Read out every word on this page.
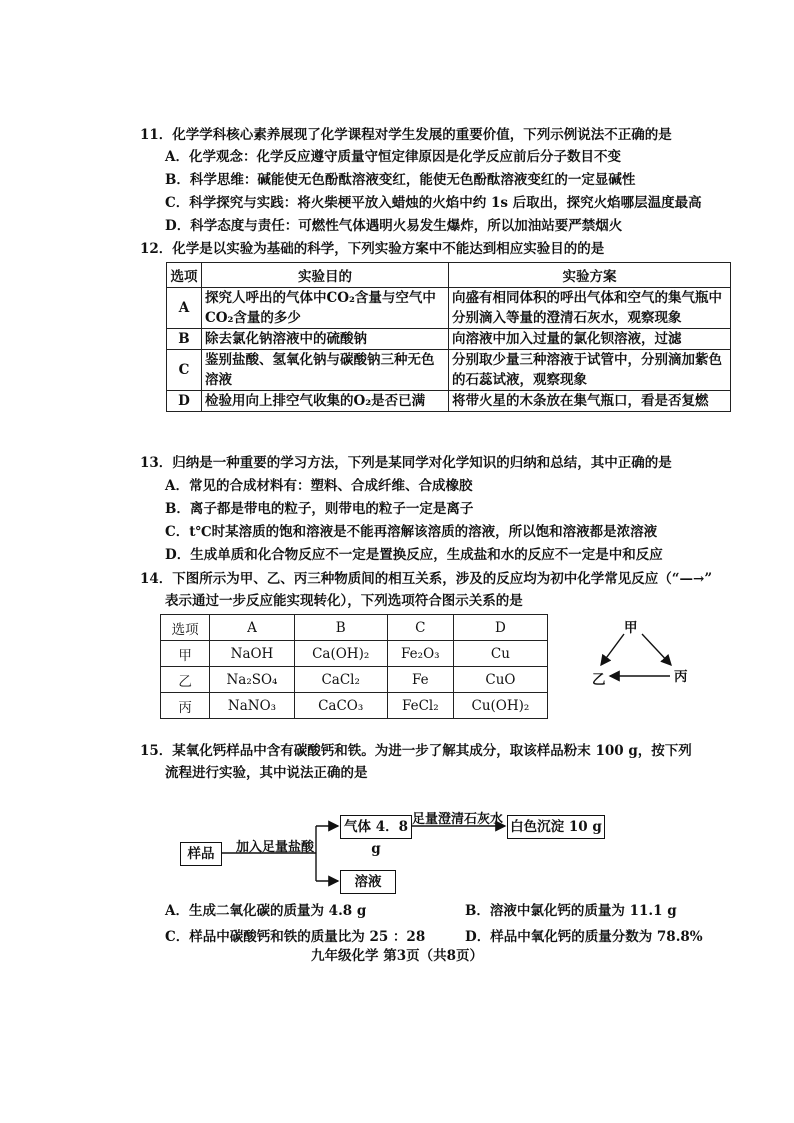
11．化学学科核心素养展现了化学课程对学生发展的重要价值，下列示例说法不正确的是
A．化学观念：化学反应遵守质量守恒定律原因是化学反应前后分子数目不变
B．科学思维：碱能使无色酚酞溶液变红，能使无色酚酞溶液变红的一定显碱性
C．科学探究与实践：将火柴梗平放入蜡烛的火焰中约 1s 后取出，探究火焰哪层温度最高
D．科学态度与责任：可燃性气体遇明火易发生爆炸，所以加油站要严禁烟火
12．化学是以实验为基础的科学，下列实验方案中不能达到相应实验目的的是
选项	实验目的	实验方案
A	探究人呼出的气体中CO₂含量与空气中CO₂含量的多少	向盛有相同体积的呼出气体和空气的集气瓶中分别滴入等量的澄清石灰水，观察现象
B	除去氯化钠溶液中的硫酸钠	向溶液中加入过量的氯化钡溶液，过滤
C	鉴别盐酸、氢氧化钠与碳酸钠三种无色溶液	分别取少量三种溶液于试管中，分别滴加紫色的石蕊试液，观察现象
D	检验用向上排空气收集的O₂是否已满	将带火星的木条放在集气瓶口，看是否复燃
13．归纳是一种重要的学习方法，下列是某同学对化学知识的归纳和总结，其中正确的是
A．常见的合成材料有：塑料、合成纤维、合成橡胶
B．离子都是带电的粒子，则带电的粒子一定是离子
C．t℃时某溶质的饱和溶液是不能再溶解该溶质的溶液，所以饱和溶液都是浓溶液
D．生成单质和化合物反应不一定是置换反应，生成盐和水的反应不一定是中和反应
14．下图所示为甲、乙、丙三种物质间的相互关系，涉及的反应均为初中化学常见反应（“—→”
表示通过一步反应能实现转化），下列选项符合图示关系的是
选项	A	B	C	D
甲	NaOH	Ca(OH)₂	Fe₂O₃	Cu
乙	Na₂SO₄	CaCl₂	Fe	CuO
丙	NaNO₃	CaCO₃	FeCl₂	Cu(OH)₂
甲
乙	丙
15．某氧化钙样品中含有碳酸钙和铁。为进一步了解其成分，取该样品粉末 100 g，按下列
流程进行实验，其中说法正确的是
样品	加入足量盐酸
气体 4．8 g
足量澄清石灰水 白色沉淀 10 g
溶液
A．生成二氧化碳的质量为 4.8 g	B．溶液中氯化钙的质量为 11.1 g
C．样品中碳酸钙和铁的质量比为 25 ：28	D．样品中氧化钙的质量分数为 78.8%
九年级化学 第3页（共8页）
